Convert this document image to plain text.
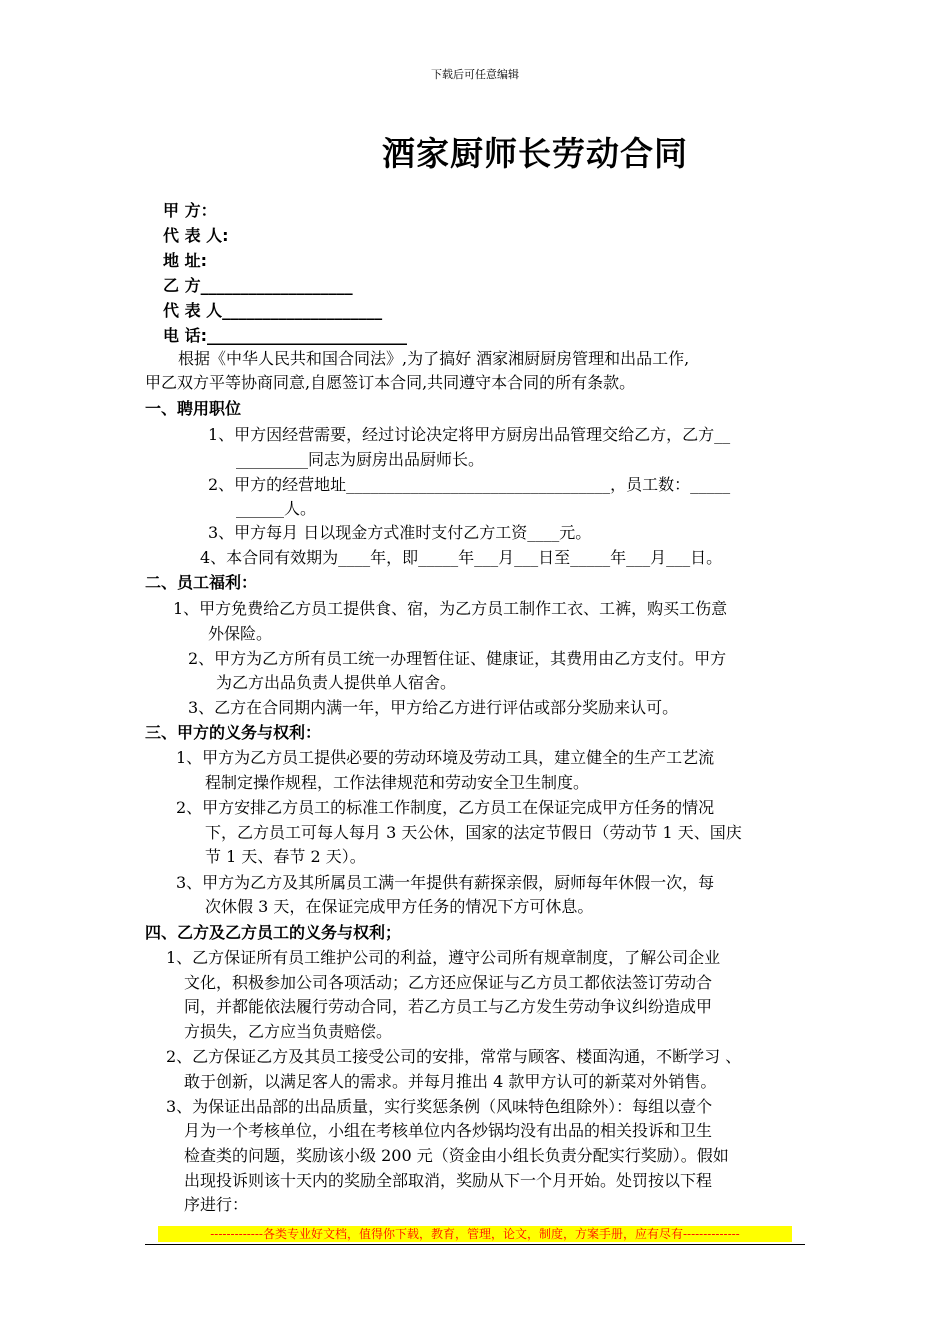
下载后可任意编辑
酒家厨师长劳动合同
甲 方：
代 表 人:
地 址:
乙 方___________________
代 表 人____________________
电 话:_________________________
根据《中华人民共和国合同法》,为了搞好 酒家湘厨厨房管理和出品工作,
甲乙双方平等协商同意,自愿签订本合同,共同遵守本合同的所有条款。
一、聘用职位
1、甲方因经营需要，经过讨论决定将甲方厨房出品管理交给乙方，乙方__
_________同志为厨房出品厨师长。
2、甲方的经营地址_________________________________，员工数：_____
______人。
3、甲方每月 日以现金方式准时支付乙方工资____元。
4、本合同有效期为____年，即_____年___月___日至_____年___月___日。
二、员工福利：
1、甲方免费给乙方员工提供食、宿，为乙方员工制作工衣、工裤，购买工伤意
外保险。
2、甲方为乙方所有员工统一办理暂住证、健康证，其费用由乙方支付。甲方
为乙方出品负责人提供单人宿舍。
3、乙方在合同期内满一年，甲方给乙方进行评估或部分奖励来认可。
三、甲方的义务与权利：
1、甲方为乙方员工提供必要的劳动环境及劳动工具，建立健全的生产工艺流
程制定操作规程，工作法律规范和劳动安全卫生制度。
2、甲方安排乙方员工的标准工作制度，乙方员工在保证完成甲方任务的情况
下，乙方员工可每人每月 3 天公休，国家的法定节假日（劳动节 1 天、国庆
节 1 天、春节 2 天）。
3、甲方为乙方及其所属员工满一年提供有薪探亲假，厨师每年休假一次，每
次休假 3 天，在保证完成甲方任务的情况下方可休息。
四、乙方及乙方员工的义务与权利；
1、乙方保证所有员工维护公司的利益，遵守公司所有规章制度，了解公司企业
文化，积极参加公司各项活动；乙方还应保证与乙方员工都依法签订劳动合
同，并都能依法履行劳动合同，若乙方员工与乙方发生劳动争议纠纷造成甲
方损失，乙方应当负责赔偿。
2、乙方保证乙方及其员工接受公司的安排，常常与顾客、楼面沟通，不断学习 、
敢于创新，以满足客人的需求。并每月推出 4 款甲方认可的新菜对外销售。
3、为保证出品部的出品质量，实行奖惩条例（风味特色组除外）：每组以壹个
月为一个考核单位，小组在考核单位内各炒锅均没有出品的相关投诉和卫生
检查类的问题，奖励该小级 200 元（资金由小组长负责分配实行奖励）。假如
出现投诉则该十天内的奖励全部取消，奖励从下一个月开始。处罚按以下程
序进行：
-------------各类专业好文档，值得你下载，教育，管理，论文，制度，方案手册，应有尽有--------------
